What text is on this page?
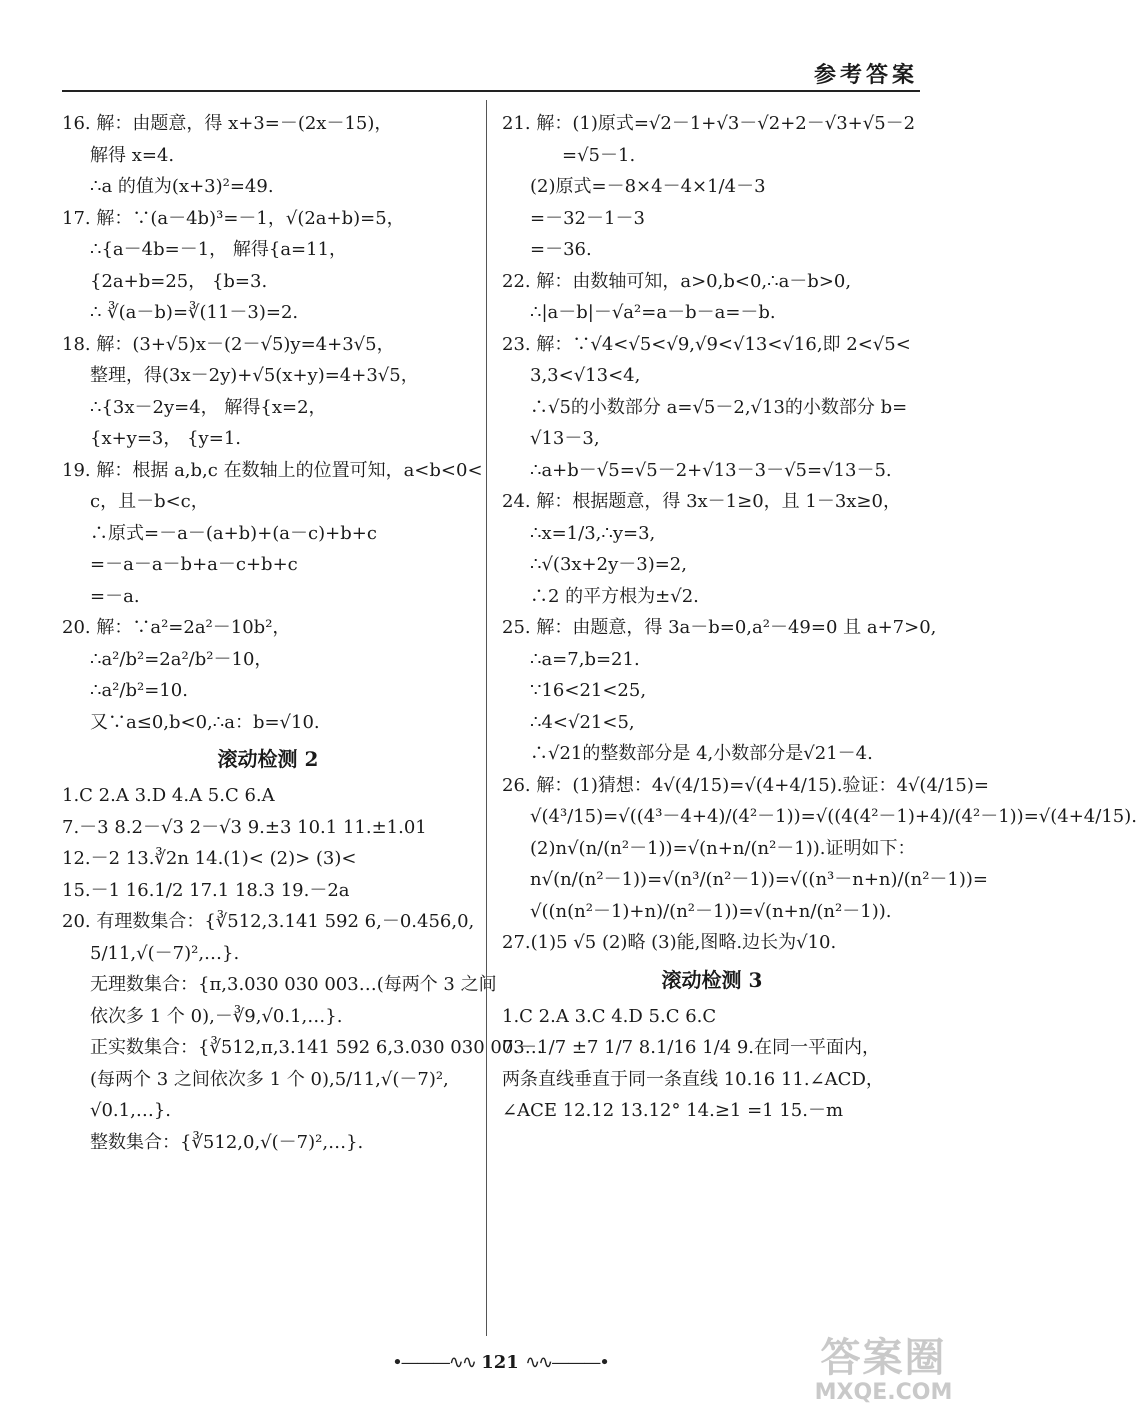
参考答案
16. 解：由题意，得 x+3=－(2x－15)，
解得 x=4.
∴a 的值为(x+3)²=49.
17. 解：∵(a－4b)³=－1，√(2a+b)=5，
∴{a－4b=－1， 解得{a=11，
{2a+b=25， {b=3.
∴ ∛(a－b)=∛(11－3)=2.
18. 解：(3+√5)x－(2－√5)y=4+3√5，
整理，得(3x－2y)+√5(x+y)=4+3√5，
∴{3x－2y=4， 解得{x=2，
{x+y=3， {y=1.
19. 解：根据 a,b,c 在数轴上的位置可知，a<b<0<
c，且－b<c，
∴原式=－a－(a+b)+(a－c)+b+c
=－a－a－b+a－c+b+c
=－a.
20. 解：∵a²=2a²－10b²，
∴a²/b²=2a²/b²－10，
∴a²/b²=10.
又∵a≤0,b<0,∴a：b=√10.
滚动检测 2
1.C 2.A 3.D 4.A 5.C 6.A
7.－3 8.2－√3 2－√3 9.±3 10.1 11.±1.01
12.－2 13.∛2n 14.(1)< (2)> (3)<
15.－1 16.1/2 17.1 18.3 19.－2a
20. 有理数集合：{∛512,3.141 592 6,－0.456,0,
5/11,√(－7)²,…}.
无理数集合：{π,3.030 030 003…(每两个 3 之间
依次多 1 个 0),－∛9,√0.1,…}.
正实数集合：{∛512,π,3.141 592 6,3.030 030 003…
(每两个 3 之间依次多 1 个 0),5/11,√(－7)²,
√0.1,…}.
整数集合：{∛512,0,√(－7)²,…}.
21. 解：(1)原式=√2－1+√3－√2+2－√3+√5－2
=√5－1.
(2)原式=－8×4－4×1/4－3
=－32－1－3
=－36.
22. 解：由数轴可知，a>0,b<0,∴a－b>0,
∴|a－b|－√a²=a－b－a=－b.
23. 解：∵√4<√5<√9,√9<√13<√16,即 2<√5<
3,3<√13<4,
∴√5的小数部分 a=√5－2,√13的小数部分 b=
√13－3,
∴a+b－√5=√5－2+√13－3－√5=√13－5.
24. 解：根据题意，得 3x－1≥0，且 1－3x≥0，
∴x=1/3,∴y=3,
∴√(3x+2y－3)=2,
∴2 的平方根为±√2.
25. 解：由题意，得 3a－b=0,a²－49=0 且 a+7>0,
∴a=7,b=21.
∵16<21<25,
∴4<√21<5,
∴√21的整数部分是 4,小数部分是√21－4.
26. 解：(1)猜想：4√(4/15)=√(4+4/15).验证：4√(4/15)=
√(4³/15)=√((4³－4+4)/(4²－1))=√((4(4²－1)+4)/(4²－1))=√(4+4/15).
(2)n√(n/(n²－1))=√(n+n/(n²－1)).证明如下：
n√(n/(n²－1))=√(n³/(n²－1))=√((n³－n+n)/(n²－1))=
√((n(n²－1)+n)/(n²－1))=√(n+n/(n²－1)).
27.(1)5 √5 (2)略 (3)能,图略.边长为√10.
滚动检测 3
1.C 2.A 3.C 4.D 5.C 6.C
7.－1/7 ±7 1/7 8.1/16 1/4 9.在同一平面内，
两条直线垂直于同一条直线 10.16 11.∠ACD，
∠ACE 12.12 13.12° 14.≥1 =1 15.－m
•———∿∿ 121 ∿∿———•	答案圈
MXQE.COM
